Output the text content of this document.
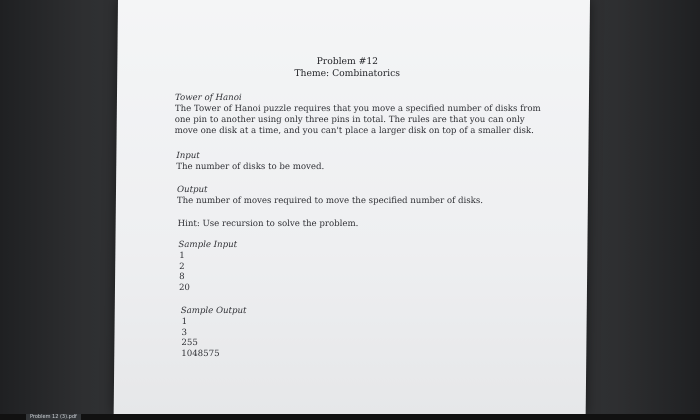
Problem #12
Theme: Combinatorics
Tower of Hanoi
The Tower of Hanoi puzzle requires that you move a specified number of disks from
one pin to another using only three pins in total. The rules are that you can only
move one disk at a time, and you can't place a larger disk on top of a smaller disk.
Input
The number of disks to be moved.
Output
The number of moves required to move the specified number of disks.
Hint: Use recursion to solve the problem.
Sample Input
1
2
8
20
Sample Output
1
3
255
1048575
Problem 12 (3).pdf
